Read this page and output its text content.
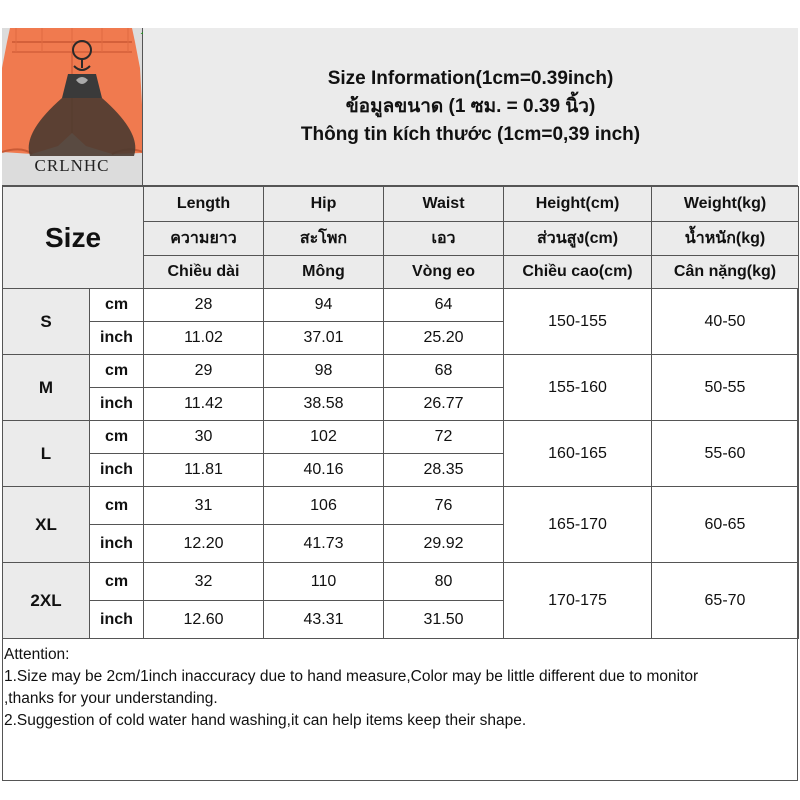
CRLNHC
Size Information(1cm=0.39inch)
ข้อมูลขนาด (1 ซม. = 0.39 นิ้ว)
Thông tin kích thước (1cm=0,39 inch)
Size		Length	Hip	Waist	Height(cm)	Weight(kg)
		ความยาว	สะโพก	เอว	ส่วนสูง(cm)	น้ำหนัก(kg)
		Chiều dài	Mông	Vòng eo	Chiều cao(cm)	Cân nặng(kg)
S	cm	28	94	64	150-155	40-50
	inch	11.02	37.01	25.20		
M	cm	29	98	68	155-160	50-55
	inch	11.42	38.58	26.77		
L	cm	30	102	72	160-165	55-60
	inch	11.81	40.16	28.35		
XL	cm	31	106	76	165-170	60-65
	inch	12.20	41.73	29.92		
2XL	cm	32	110	80	170-175	65-70
	inch	12.60	43.31	31.50		
Attention:
1.Size may be 2cm/1inch inaccuracy due to hand measure,Color may be little different due to monitor
,thanks for your understanding.
2.Suggestion of cold water hand washing,it can help items keep their shape.
